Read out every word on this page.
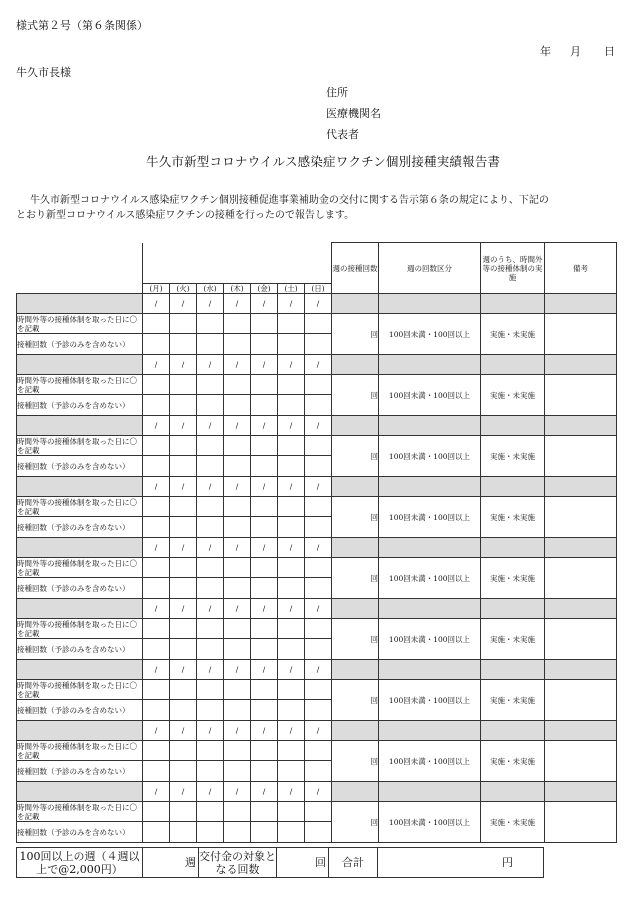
様式第２号（第６条関係）
年 月 日
牛久市長様
住所
医療機関名
代表者
牛久市新型コロナウイルス感染症ワクチン個別接種実績報告書
牛久市新型コロナウイルス感染症ワクチン個別接種促進事業補助金の交付に関する告示第６条の規定により、下記の
とおり新型コロナウイルス感染症ワクチンの接種を行ったので報告します。
								週の接種回数	週の回数区分	週のうち、時間外等の接種体制の実施	備考
	(月)	(火)	(水)	(木)	(金)	(土)	(日)				
	/	/	/	/	/	/	/				
時間外等の接種体制を取った日に〇を記載								回	100回未満・100回以上	実施・未実施	
接種回数（予診のみを含めない）											
	/	/	/	/	/	/	/				
時間外等の接種体制を取った日に〇を記載								回	100回未満・100回以上	実施・未実施	
接種回数（予診のみを含めない）											
	/	/	/	/	/	/	/				
時間外等の接種体制を取った日に〇を記載								回	100回未満・100回以上	実施・未実施	
接種回数（予診のみを含めない）											
	/	/	/	/	/	/	/				
時間外等の接種体制を取った日に〇を記載								回	100回未満・100回以上	実施・未実施	
接種回数（予診のみを含めない）											
	/	/	/	/	/	/	/				
時間外等の接種体制を取った日に〇を記載								回	100回未満・100回以上	実施・未実施	
接種回数（予診のみを含めない）											
	/	/	/	/	/	/	/				
時間外等の接種体制を取った日に〇を記載								回	100回未満・100回以上	実施・未実施	
接種回数（予診のみを含めない）											
	/	/	/	/	/	/	/				
時間外等の接種体制を取った日に〇を記載								回	100回未満・100回以上	実施・未実施	
接種回数（予診のみを含めない）											
	/	/	/	/	/	/	/				
時間外等の接種体制を取った日に〇を記載								回	100回未満・100回以上	実施・未実施	
接種回数（予診のみを含めない）											
	/	/	/	/	/	/	/				
時間外等の接種体制を取った日に〇を記載								回	100回未満・100回以上	実施・未実施	
接種回数（予診のみを含めない）											
100回以上の週（４週以上で@2,000円）	週	交付金の対象となる回数	回	合計	円
